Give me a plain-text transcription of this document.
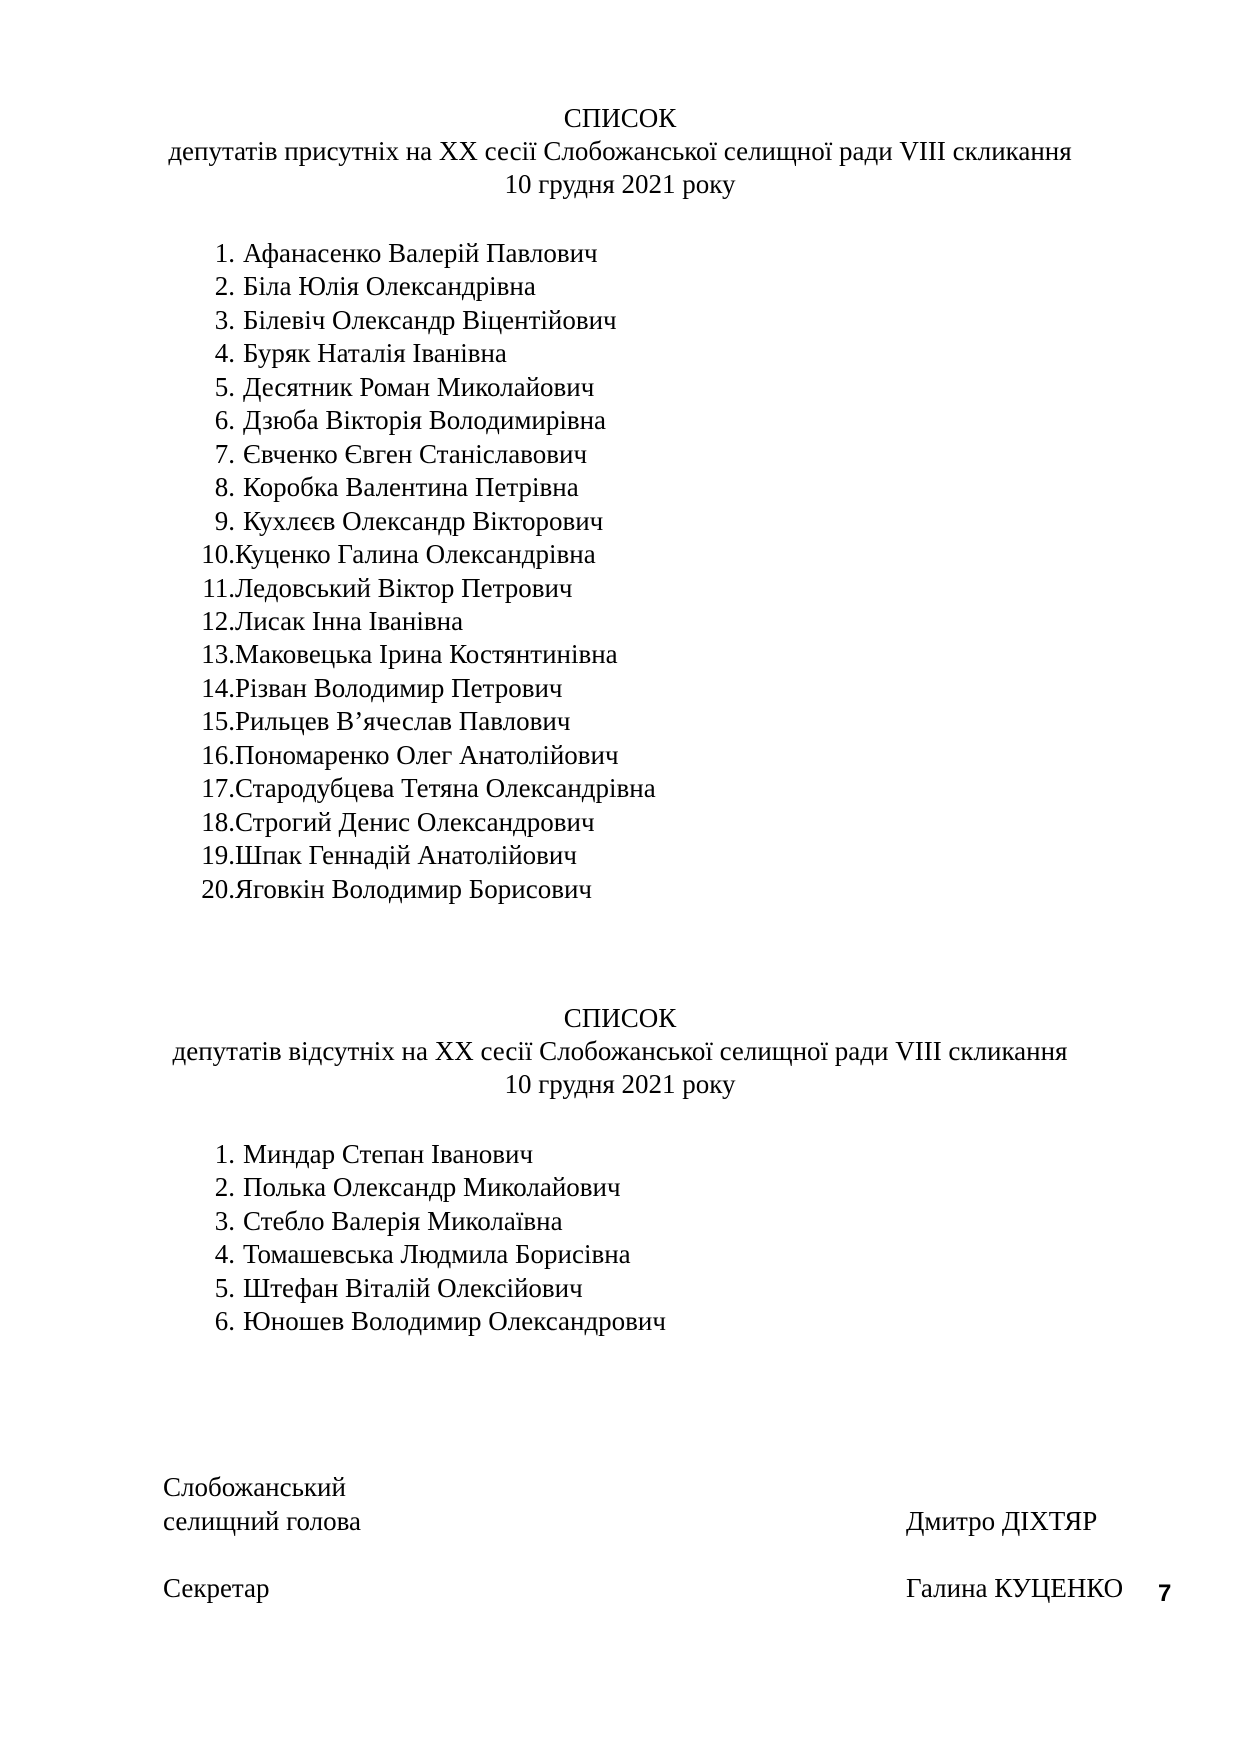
СПИСОК
депутатів присутніх на XX сесії Слобожанської селищної ради VIII скликання
10 грудня 2021 року
1. Афанасенко Валерій Павлович
2. Біла Юлія Олександрівна
3. Білевіч Олександр Віцентійович
4. Буряк Наталія Іванівна
5. Десятник Роман Миколайович
6. Дзюба Вікторія Володимирівна
7. Євченко Євген Станіславович
8. Коробка Валентина Петрівна
9. Кухлєєв Олександр Вікторович
10. Куценко Галина Олександрівна
11. Ледовський Віктор Петрович
12. Лисак Інна Іванівна
13. Маковецька Ірина Костянтинівна
14. Різван Володимир Петрович
15. Рильцев В’ячеслав Павлович
16. Пономаренко Олег Анатолійович
17. Стародубцева Тетяна Олександрівна
18. Строгий Денис Олександрович
19. Шпак Геннадій Анатолійович
20. Яговкін Володимир Борисович
СПИСОК
депутатів відсутніх на XX сесії Слобожанської селищної ради VIII скликання
10 грудня 2021 року
1. Миндар Степан Іванович
2. Полька Олександр Миколайович
3. Стебло Валерія Миколаївна
4. Томашевська Людмила Борисівна
5. Штефан Віталій Олексійович
6. Юношев Володимир Олександрович
Слобожанський
селищний голова	Дмитро ДІХТЯР
Секретар	Галина КУЦЕНКО 7
